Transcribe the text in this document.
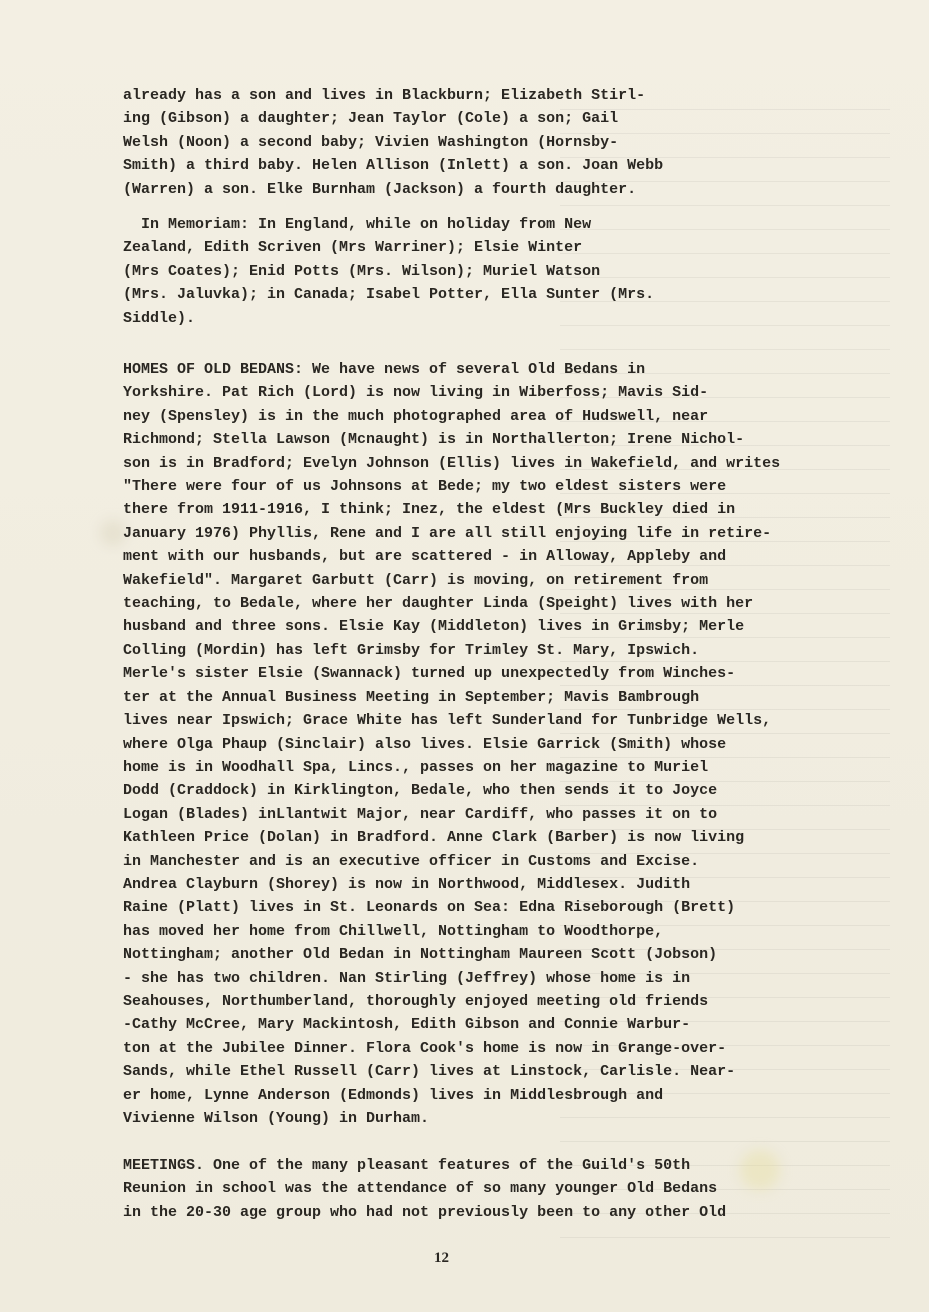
already has a son and lives in Blackburn; Elizabeth Stirl-
ing (Gibson) a daughter; Jean Taylor (Cole) a son; Gail
Welsh (Noon) a second baby; Vivien Washington (Hornsby-
Smith) a third baby. Helen Allison (Inlett) a son. Joan Webb
(Warren) a son. Elke Burnham (Jackson) a fourth daughter.

In Memoriam: In England, while on holiday from New
Zealand, Edith Scriven (Mrs Warriner); Elsie Winter
(Mrs Coates); Enid Potts (Mrs. Wilson); Muriel Watson
(Mrs. Jaluvka); in Canada; Isabel Potter, Ella Sunter (Mrs.
Siddle).

HOMES OF OLD BEDANS: We have news of several Old Bedans in
Yorkshire. Pat Rich (Lord) is now living in Wiberfoss; Mavis Sid-
ney (Spensley) is in the much photographed area of Hudswell, near
Richmond; Stella Lawson (Mcnaught) is in Northallerton; Irene Nichol-
son is in Bradford; Evelyn Johnson (Ellis) lives in Wakefield, and writes
"There were four of us Johnsons at Bede; my two eldest sisters were
there from 1911-1916, I think; Inez, the eldest (Mrs Buckley died in
January 1976) Phyllis, Rene and I are all still enjoying life in retire-
ment with our husbands, but are scattered - in Alloway, Appleby and
Wakefield". Margaret Garbutt (Carr) is moving, on retirement from
teaching, to Bedale, where her daughter Linda (Speight) lives with her
husband and three sons. Elsie Kay (Middleton) lives in Grimsby; Merle
Colling (Mordin) has left Grimsby for Trimley St. Mary, Ipswich.
Merle's sister Elsie (Swannack) turned up unexpectedly from Winches-
ter at the Annual Business Meeting in September; Mavis Bambrough
lives near Ipswich; Grace White has left Sunderland for Tunbridge Wells,
where Olga Phaup (Sinclair) also lives. Elsie Garrick (Smith) whose
home is in Woodhall Spa, Lincs., passes on her magazine to Muriel
Dodd (Craddock) in Kirklington, Bedale, who then sends it to Joyce
Logan (Blades) inLlantwit Major, near Cardiff, who passes it on to
Kathleen Price (Dolan) in Bradford. Anne Clark (Barber) is now living
in Manchester and is an executive officer in Customs and Excise.
Andrea Clayburn (Shorey) is now in Northwood, Middlesex. Judith
Raine (Platt) lives in St. Leonards on Sea: Edna Riseborough (Brett)
has moved her home from Chillwell, Nottingham to Woodthorpe,
Nottingham; another Old Bedan in Nottingham Maureen Scott (Jobson)
- she has two children. Nan Stirling (Jeffrey) whose home is in
Seahouses, Northumberland, thoroughly enjoyed meeting old friends
-Cathy McCree, Mary Mackintosh, Edith Gibson and Connie Warbur-
ton at the Jubilee Dinner. Flora Cook's home is now in Grange-over-
Sands, while Ethel Russell (Carr) lives at Linstock, Carlisle. Near-
er home, Lynne Anderson (Edmonds) lives in Middlesbrough and
Vivienne Wilson (Young) in Durham.

MEETINGS. One of the many pleasant features of the Guild's 50th
Reunion in school was the attendance of so many younger Old Bedans
in the 20-30 age group who had not previously been to any other Old

12
